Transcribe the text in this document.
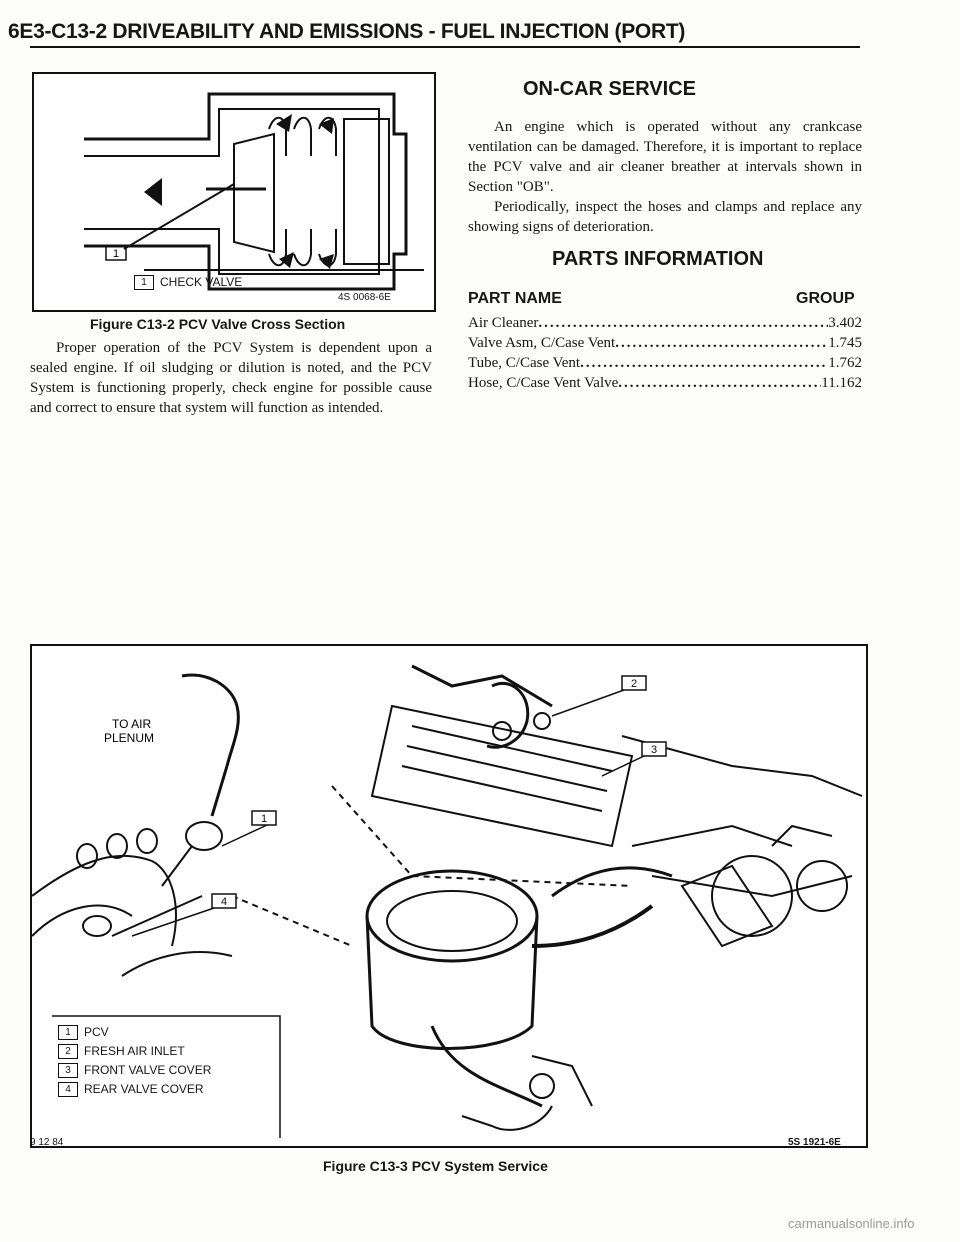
6E3-C13-2 DRIVEABILITY AND EMISSIONS - FUEL INJECTION (PORT)
1
1 CHECK VALVE
4S 0068-6E
Figure C13-2 PCV Valve Cross Section
Proper operation of the PCV System is dependent upon a sealed engine. If oil sludging or dilution is noted, and the PCV System is functioning properly, check engine for possible cause and correct to ensure that system will function as intended.
ON-CAR SERVICE
An engine which is operated without any crankcase ventilation can be damaged. Therefore, it is important to replace the PCV valve and air cleaner breather at intervals shown in Section "OB".
Periodically, inspect the hoses and clamps and replace any showing signs of deterioration.
PARTS INFORMATION
PART NAME	GROUP
Air Cleaner .....	3.402
Valve Asm, C/Case Vent .....	1.745
Tube, C/Case Vent .....	1.762
Hose, C/Case Vent Valve .....	11.162
1
2
3
4
TO AIR
PLENUM
1 PCV
2 FRESH AIR INLET
3 FRONT VALVE COVER
4 REAR VALVE COVER
9 12 84	5S 1921-6E
Figure C13-3 PCV System Service
carmanualsonline.info
